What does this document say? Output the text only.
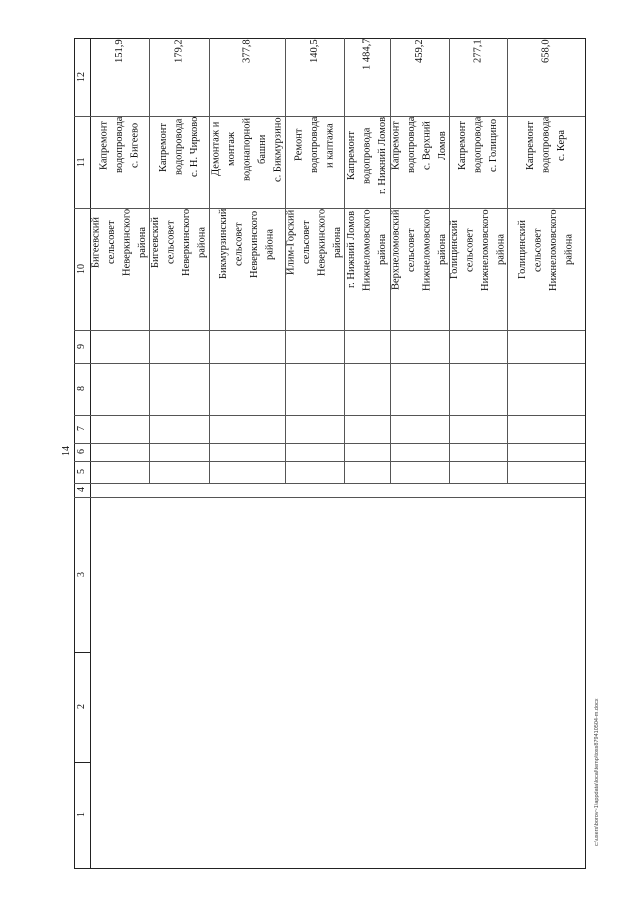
14
1
2
3
4
5
6
7
8
9
10
11
12
151,9
Капремонт
водопровода
с. Бигеево
Бигеевский
сельсовет
Неверкинского
района
179,2
Капремонт
водопровода
с. Н. Чирково
Бигеевский
сельсовет
Неверкинского
района
377,8
Демонтаж и
монтаж
водонапорной
башни
с. Бикмурзино
Бикмурзинский
сельсовет
Неверкинского
района
140,5
Ремонт
водопровода
и каптажа
Илим-Горский
сельсовет
Неверкинского
района
1 484,7
Капремонт
водопровода
г. Нижний Ломов
г. Нижний Ломов
Нижнеломовского
района
459,2
Капремонт
водопровода
с. Верхний
Ломов
Верхнеломовский
сельсовет
Нижнеломовского
района
277,1
Капремонт
водопровода
с. Голицино
Голицинский
сельсовет
Нижнеломовского
района
658,0
Капремонт
водопровода
с. Кера
Голицинский
сельсовет
Нижнеломовского
района
c:\users\borov~1\appdata\local\temp\toss879410504-m.docx
